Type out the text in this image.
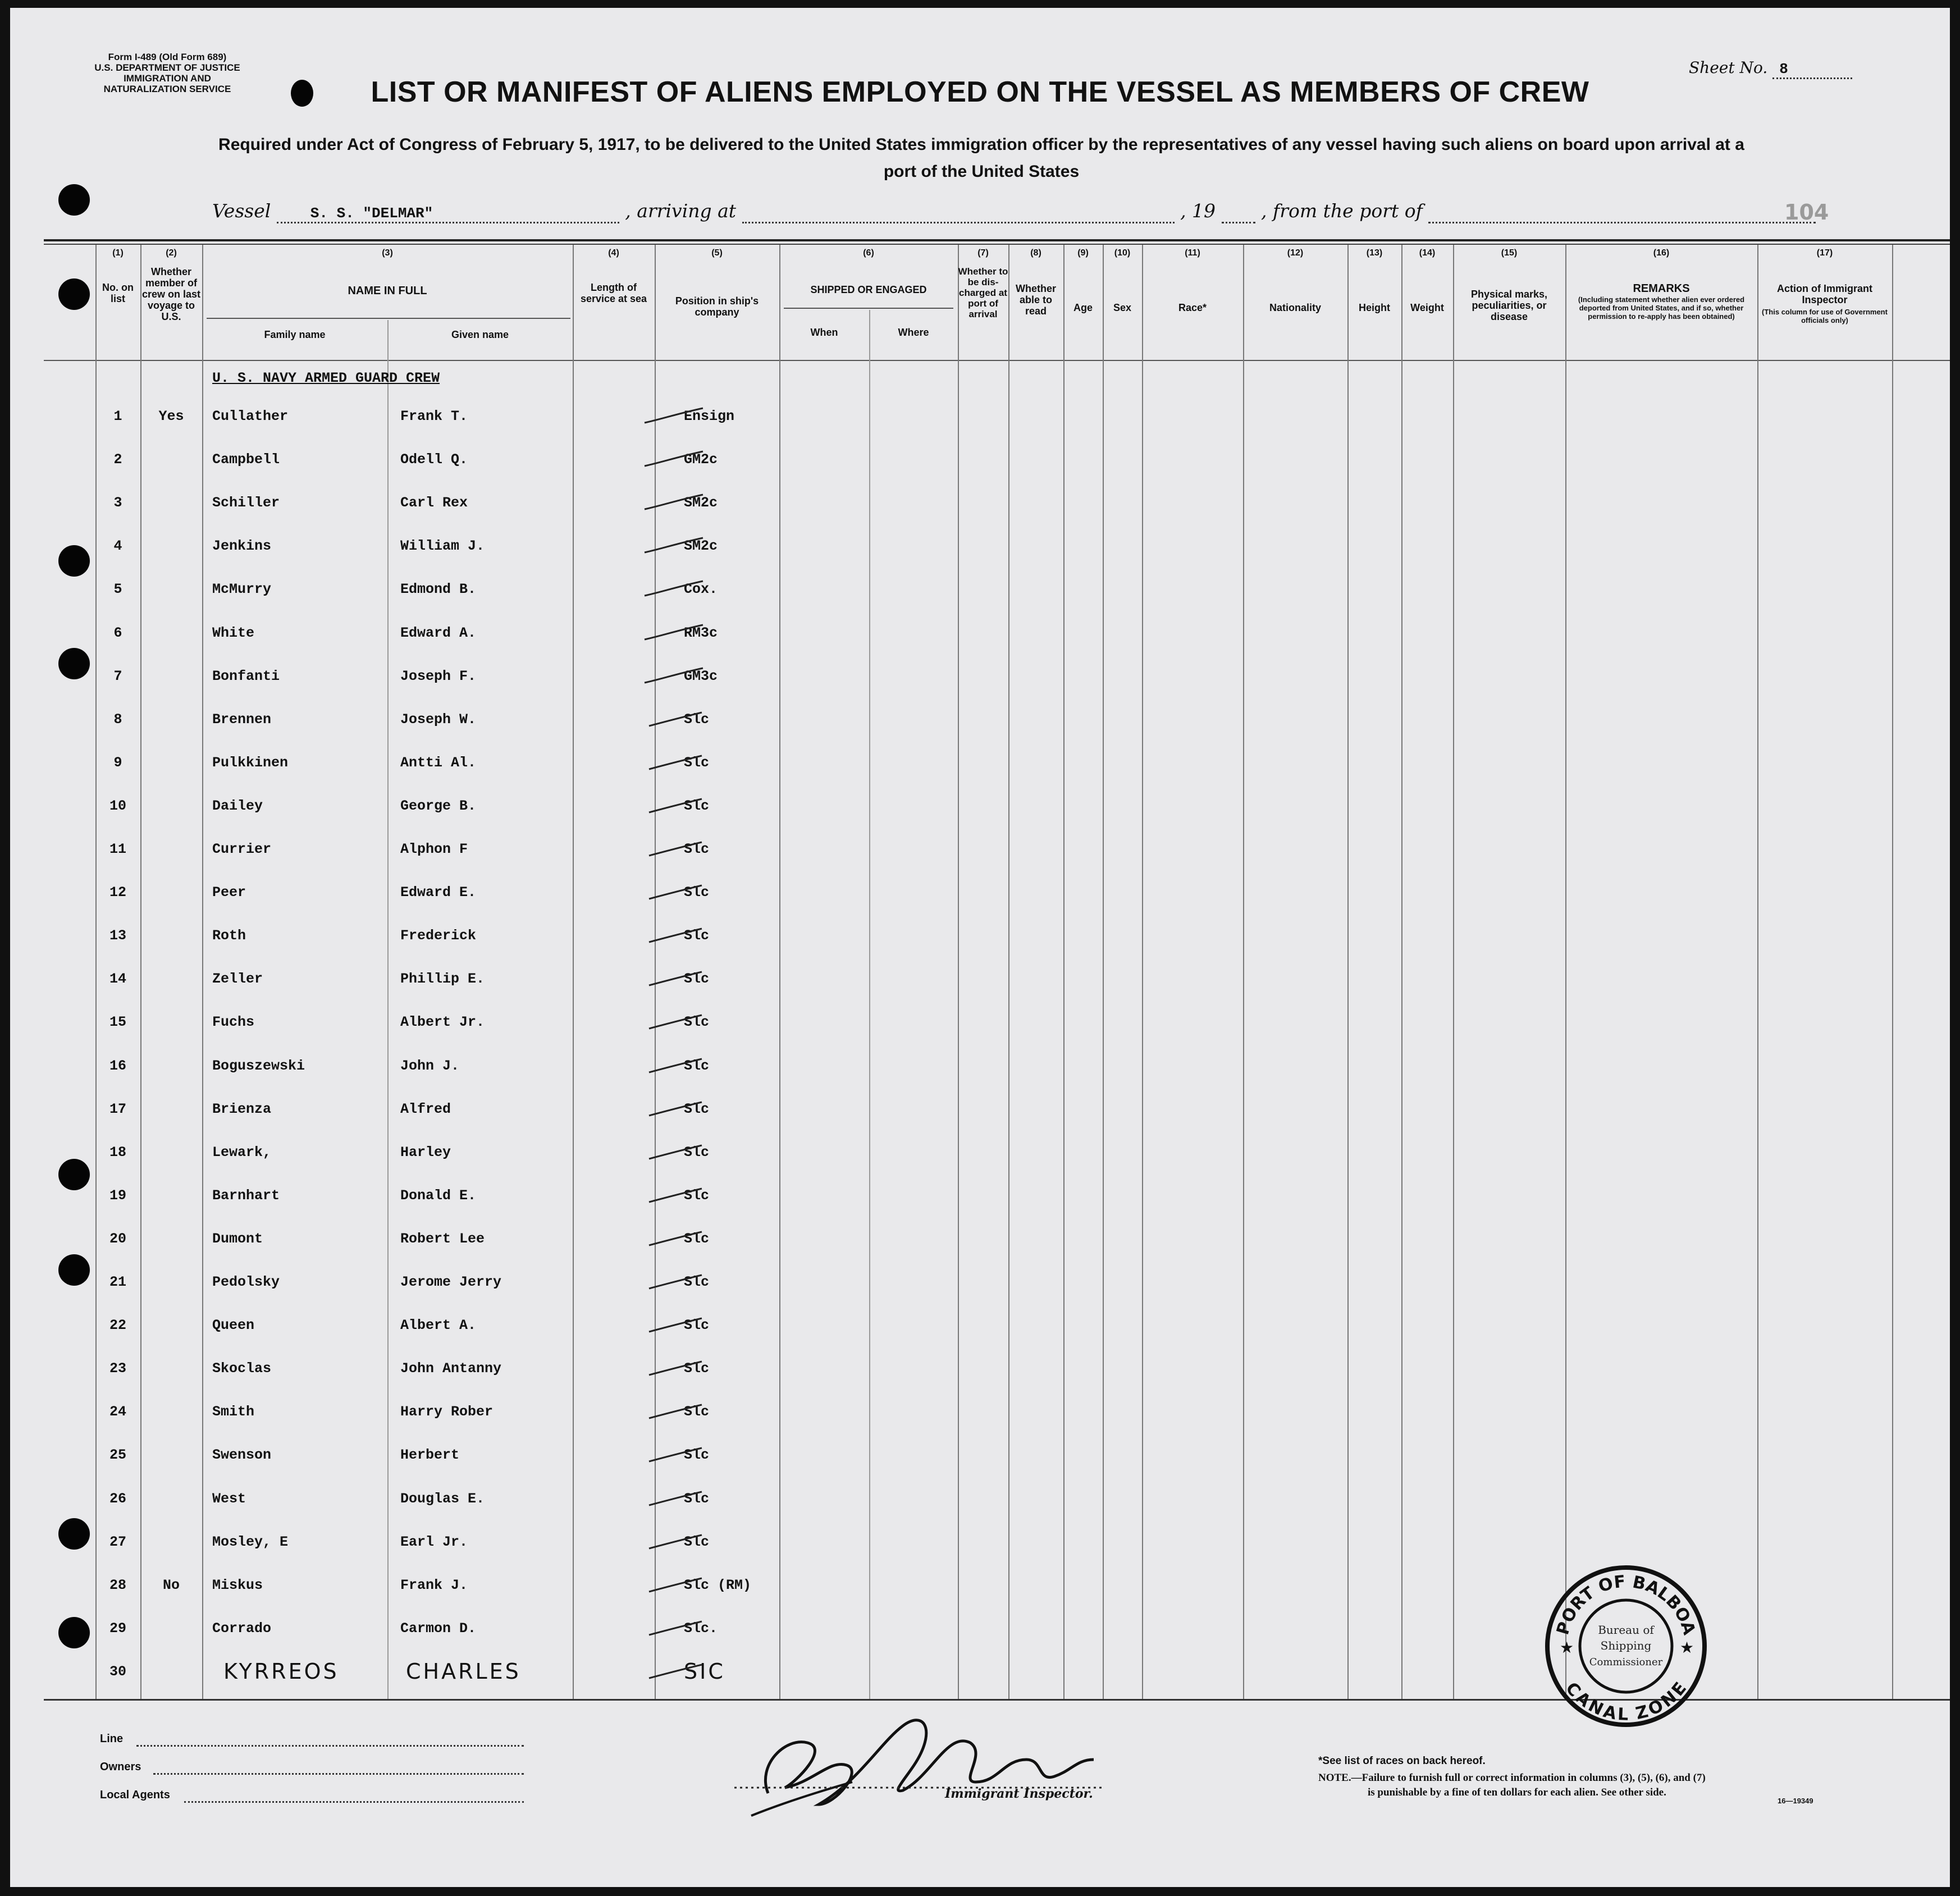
Form I-489 (Old Form 689)
U.S. DEPARTMENT OF JUSTICE
IMMIGRATION AND NATURALIZATION SERVICE	LIST OR MANIFEST OF ALIENS EMPLOYED ON THE VESSEL AS MEMBERS OF CREW
Sheet No. 8
Required under Act of Congress of February 5, 1917, to be delivered to the United States immigration officer by the representatives of any vessel having such aliens on board upon arrival at a
port of the United States
Vessel	S. S. "DELMAR"	, arriving at	, 19 , from the port of	104
(1)
No. on list
(2)
Whether member of crew on last voyage to U.S.
(3)
NAME IN FULL
Family name	Given name
(4)
Length of service at sea
(5)
Position in ship's company
(6)
SHIPPED OR ENGAGED
When	Where
(7)
Whether to be dis-charged at port of arrival
(8)
Whether able to read
(9)
Age
(10)
Sex
(11)
Race*
(12)
Nationality
(13)
Height
(14)
Weight
(15)
Physical marks, peculiarities, or disease
(16)
REMARKS
(Including statement whether alien ever ordered deported from United States, and if so, whether permission to re-apply has been obtained)
(17)
Action of Immigrant Inspector
(This column for use of Government officials only)
U. S. NAVY ARMED GUARD CREW
1	Yes	Cullather	Frank T.	Ensign
2	Campbell	Odell Q.	GM2c
3	Schiller	Carl Rex	SM2c
4	Jenkins	William J.	SM2c
5	McMurry	Edmond B.	Cox.
6	White	Edward A.	RM3c
7	Bonfanti	Joseph F.	GM3c
8	Brennen	Joseph W.	Slc
9	Pulkkinen	Antti Al.	Slc
10	Dailey	George B.	Slc
11	Currier	Alphon F	Slc
12	Peer	Edward E.	Slc
13	Roth	Frederick	Slc
14	Zeller	Phillip E.	Slc
15	Fuchs	Albert Jr.	Slc
16	Boguszewski	John J.	Slc
17	Brienza	Alfred	Slc
18	Lewark,	Harley	Slc
19	Barnhart	Donald E.	Slc
20	Dumont	Robert Lee	Slc
21	Pedolsky	Jerome Jerry	Slc
22	Queen	Albert A.	Slc
23	Skoclas	John Antanny	Slc
24	Smith	Harry Rober	Slc
25	Swenson	Herbert	Slc
26	West	Douglas E.	Slc
27	Mosley, E	Earl Jr.	Slc
28	No	Miskus	Frank J.	Slc (RM)
29	Corrado	Carmon D.	Slc.
30	KYRREOS	CHARLES	SIC
PORT OF BALBOA
CANAL ZONE
Bureau of
Shipping
Commissioner
★	★
Line
Owners
Local Agents	Immigrant Inspector.
*See list of races on back hereof.
NOTE.—Failure to furnish full or correct information in columns (3), (5), (6), and (7)
is punishable by a fine of ten dollars for each alien. See other side.
16—19349
